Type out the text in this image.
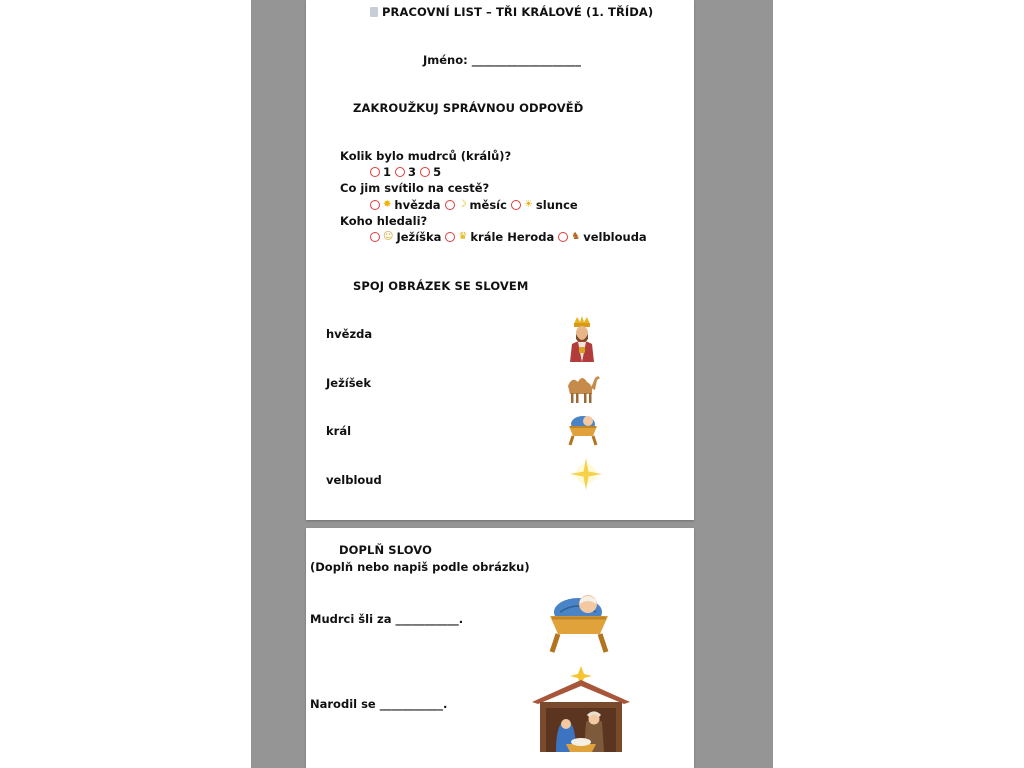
PRACOVNÍ LIST – TŘI KRÁLOVÉ (1. TŘÍDA)
Jméno: ___________________
ZAKROUŽKUJ SPRÁVNOU ODPOVĚĎ
Kolik bylo mudrců (králů)?
1
3
5
Co jim svítilo na cestě?
✸ hvězda
☽ měsíc
☀ slunce
Koho hledali?
☺ Ježíška
♛ krále Heroda
♞ velblouda
SPOJ OBRÁZEK SE SLOVEM
hvězda
Ježíšek
král
velbloud
DOPLŇ SLOVO
(Doplň nebo napiš podle obrázku)
Mudrci šli za ___________.
Narodil se ___________.
